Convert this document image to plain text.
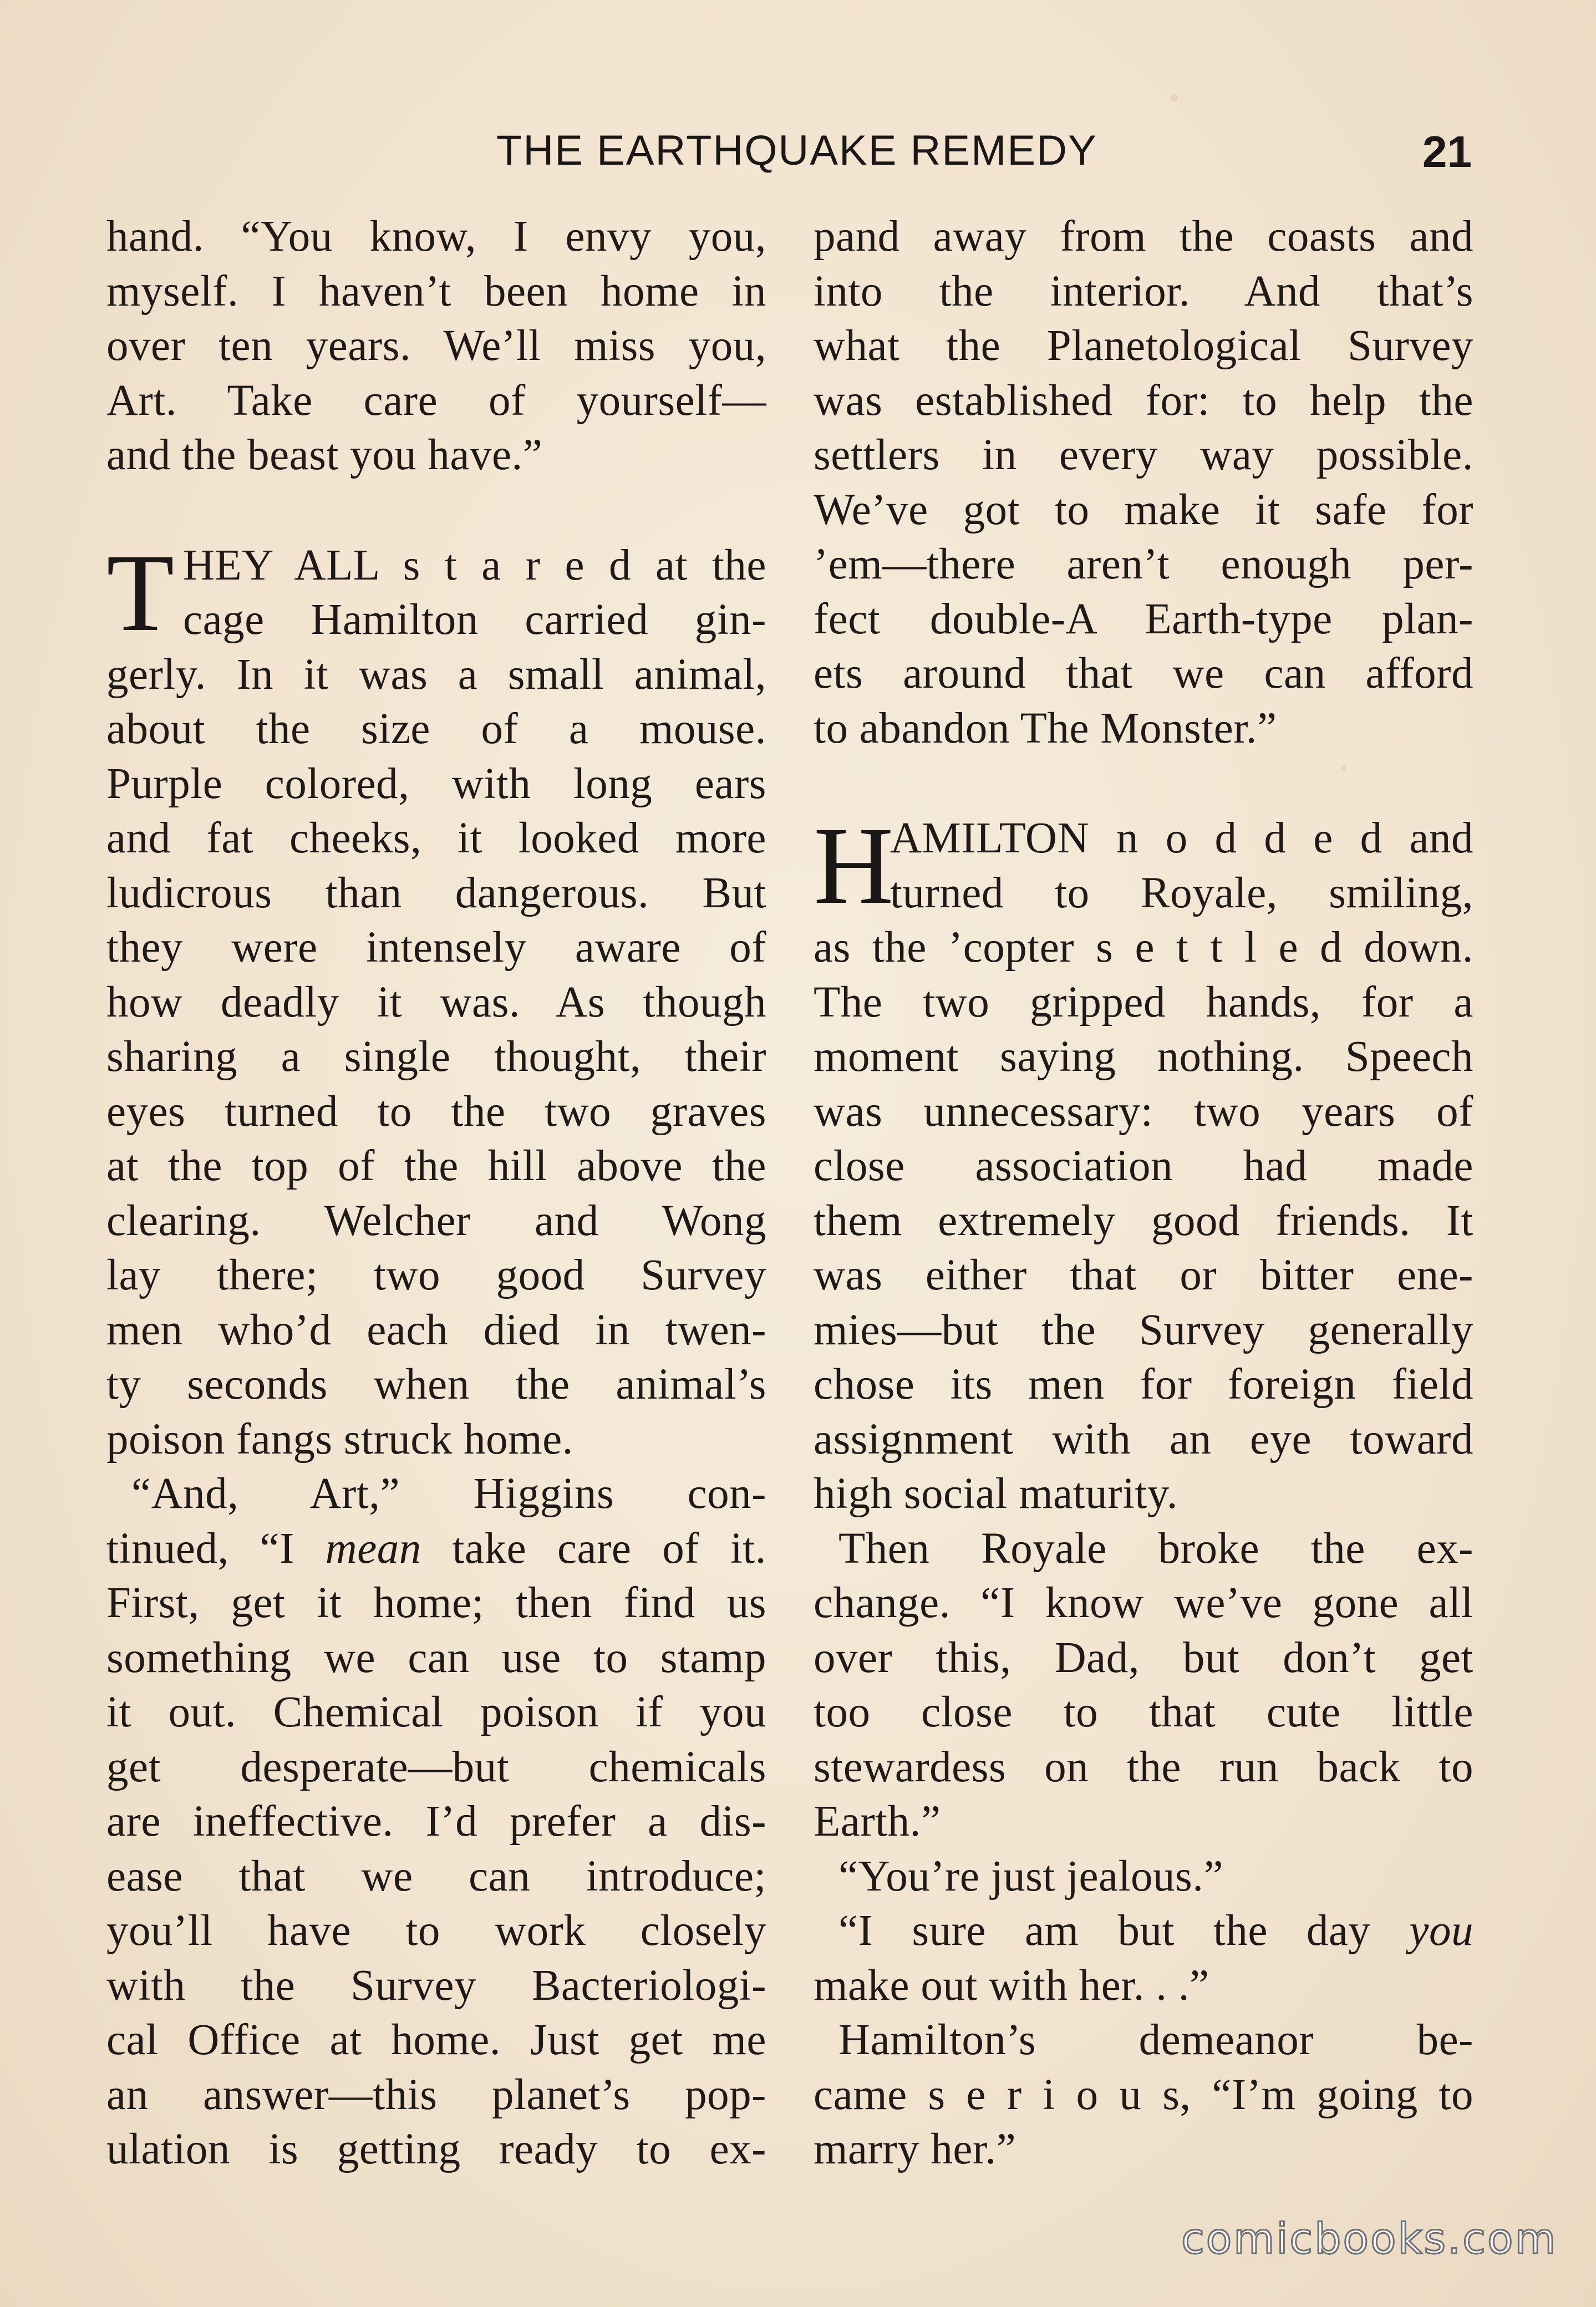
THE EARTHQUAKE REMEDY	21
hand. “You know, I envy you,
myself. I haven’t been home in
over ten years. We’ll miss you,
Art. Take care of yourself—
and the beast you have.”
T HEY ALL s t a r e d at the
cage Hamilton carried gin-
gerly. In it was a small animal,
about the size of a mouse.
Purple colored, with long ears
and fat cheeks, it looked more
ludicrous than dangerous. But
they were intensely aware of
how deadly it was. As though
sharing a single thought, their
eyes turned to the two graves
at the top of the hill above the
clearing. Welcher and Wong
lay there; two good Survey
men who’d each died in twen-
ty seconds when the animal’s
poison fangs struck home.
“And, Art,” Higgins con-
tinued, “I mean take care of it.
First, get it home; then find us
something we can use to stamp
it out. Chemical poison if you
get desperate—but chemicals
are ineffective. I’d prefer a dis-
ease that we can introduce;
you’ll have to work closely
with the Survey Bacteriologi-
cal Office at home. Just get me
an answer—this planet’s pop-
ulation is getting ready to ex-
pand away from the coasts and
into the interior. And that’s
what the Planetological Survey
was established for: to help the
settlers in every way possible.
We’ve got to make it safe for
’em—there aren’t enough per-
fect double-A Earth-type plan-
ets around that we can afford
to abandon The Monster.”
H
AMILTON n o d d e d and
turned to Royale, smiling,
as the ’copter s e t t l e d down.
The two gripped hands, for a
moment saying nothing. Speech
was unnecessary: two years of
close association had made
them extremely good friends. It
was either that or bitter ene-
mies—but the Survey generally
chose its men for foreign field
assignment with an eye toward
high social maturity.
Then Royale broke the ex-
change. “I know we’ve gone all
over this, Dad, but don’t get
too close to that cute little
stewardess on the run back to
Earth.”
“You’re just jealous.”
“I sure am but the day you
make out with her. . .”
Hamilton’s demeanor be-
came s e r i o u s, “I’m going to
marry her.”
comicbooks.com
